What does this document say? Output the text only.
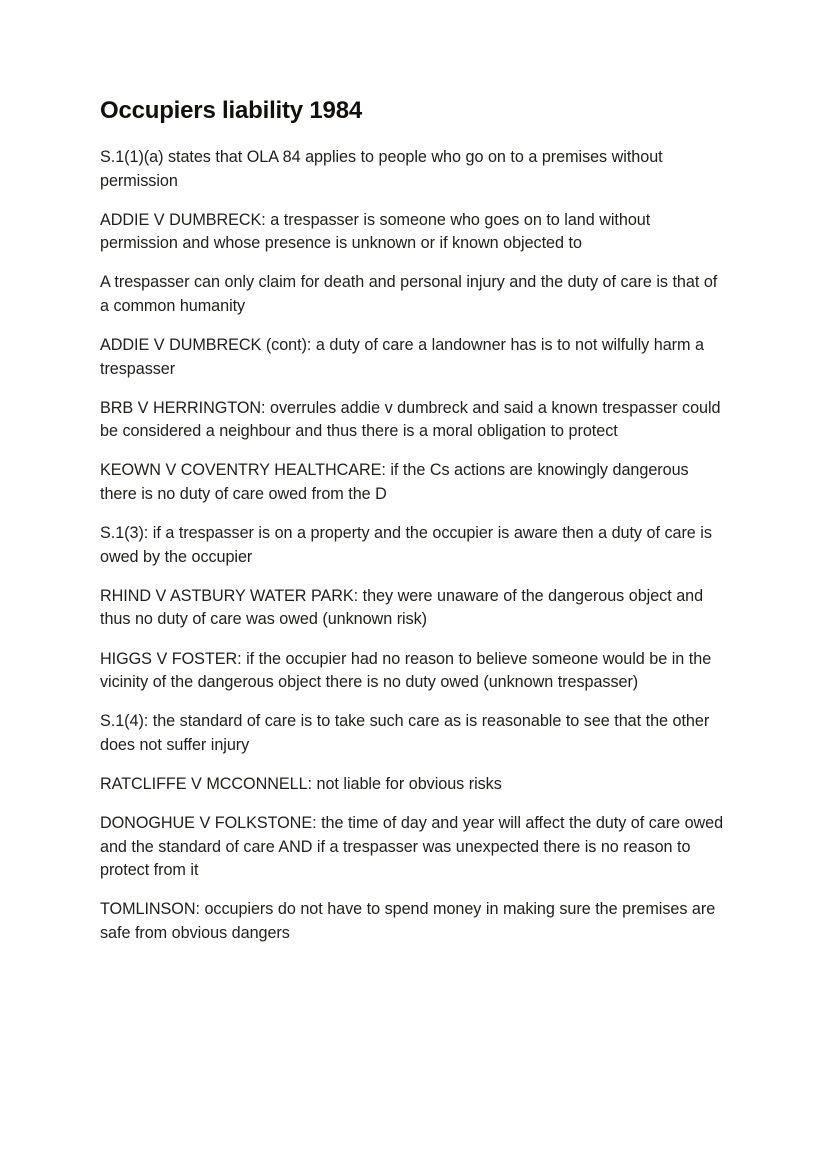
Occupiers liability 1984

S.1(1)(a) states that OLA 84 applies to people who go on to a premises without permission

ADDIE V DUMBRECK: a trespasser is someone who goes on to land without permission and whose presence is unknown or if known objected to

A trespasser can only claim for death and personal injury and the duty of care is that of a common humanity

ADDIE V DUMBRECK (cont): a duty of care a landowner has is to not wilfully harm a trespasser

BRB V HERRINGTON: overrules addie v dumbreck and said a known trespasser could be considered a neighbour and thus there is a moral obligation to protect

KEOWN V COVENTRY HEALTHCARE: if the Cs actions are knowingly dangerous there is no duty of care owed from the D

S.1(3): if a trespasser is on a property and the occupier is aware then a duty of care is owed by the occupier

RHIND V ASTBURY WATER PARK: they were unaware of the dangerous object and thus no duty of care was owed (unknown risk)

HIGGS V FOSTER: if the occupier had no reason to believe someone would be in the vicinity of the dangerous object there is no duty owed (unknown trespasser)

S.1(4): the standard of care is to take such care as is reasonable to see that the other does not suffer injury

RATCLIFFE V MCCONNELL: not liable for obvious risks

DONOGHUE V FOLKSTONE: the time of day and year will affect the duty of care owed and the standard of care AND if a trespasser was unexpected there is no reason to protect from it

TOMLINSON: occupiers do not have to spend money in making sure the premises are safe from obvious dangers
